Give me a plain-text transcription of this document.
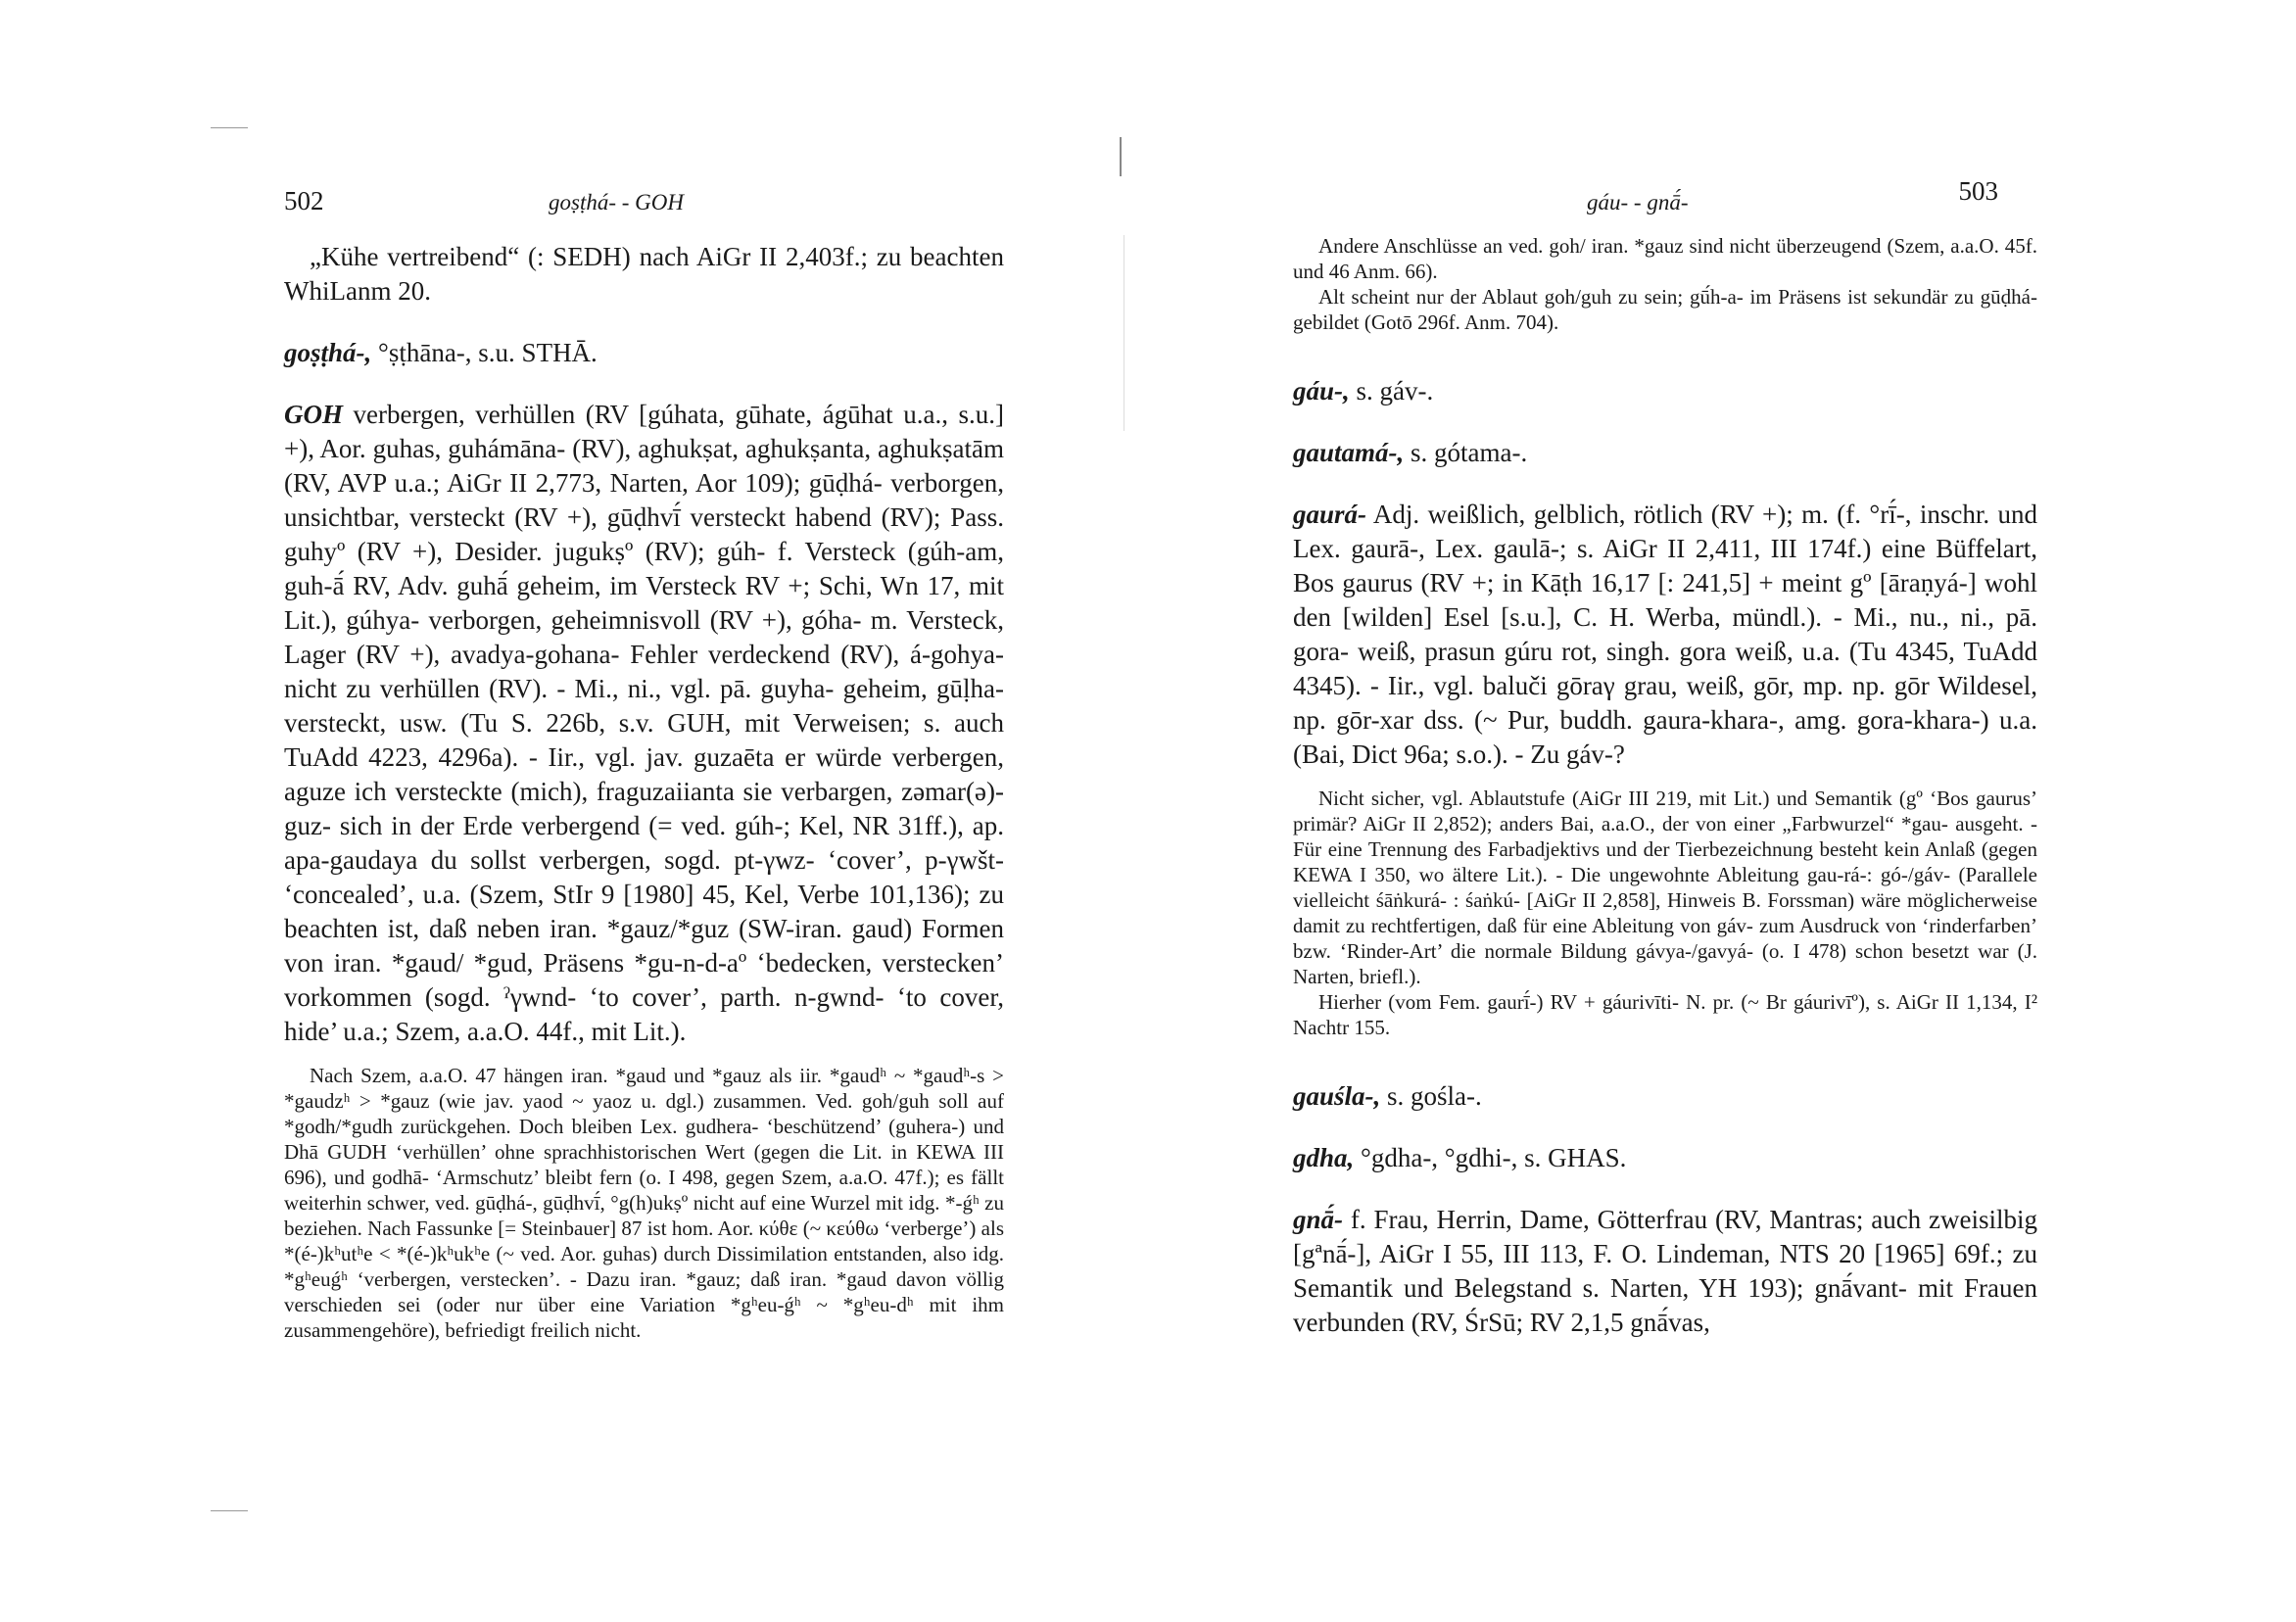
502	goṣṭhá- - GOH

„Kühe vertreibend“ (: SEDH) nach AiGr II 2,403f.; zu beachten WhiLanm 20.

goṣṭhá-, °ṣṭhāna-, s.u. STHĀ.

GOH verbergen, verhüllen (RV [gúhata, gūhate, ágūhat u.a., s.u.] +), Aor. guhas, guhámāna- (RV), aghukṣat, aghukṣanta, aghukṣatām (RV, AVP u.a.; AiGr II 2,773, Narten, Aor 109); gūḍhá- verborgen, unsichtbar, versteckt (RV +), gūḍhvī́ versteckt habend (RV); Pass. guhyº (RV +), Desider. jugukṣº (RV); gúh- f. Versteck (gúh-am, guh-ā́ RV, Adv. guhā́ geheim, im Versteck RV +; Schi, Wn 17, mit Lit.), gúhya- verborgen, geheimnisvoll (RV +), góha- m. Versteck, Lager (RV +), avadya-gohana- Fehler verdeckend (RV), á-gohya- nicht zu verhüllen (RV). - Mi., ni., vgl. pā. guyha- geheim, gūḷha- versteckt, usw. (Tu S. 226b, s.v. GUH, mit Verweisen; s. auch TuAdd 4223, 4296a). - Iir., vgl. jav. guzaēta er würde verbergen, aguze ich versteckte (mich), fraguzaiianta sie verbargen, zəmar(ə)-guz- sich in der Erde verbergend (= ved. gúh-; Kel, NR 31ff.), ap. apa-gaudaya du sollst verbergen, sogd. pt-γwz- ‘cover’, p-γwšt- ‘concealed’, u.a. (Szem, StIr 9 [1980] 45, Kel, Verbe 101,136); zu beachten ist, daß neben iran. *gauz/*guz (SW-iran. gaud) Formen von iran. *gaud/ *gud, Präsens *gu-n-d-aº ‘bedecken, verstecken’ vorkommen (sogd. ˀγwnd- ‘to cover’, parth. n-gwnd- ‘to cover, hide’ u.a.; Szem, a.a.O. 44f., mit Lit.).

Nach Szem, a.a.O. 47 hängen iran. *gaud und *gauz als iir. *gaudʰ ~ *gaudʰ-s > *gaudzʰ > *gauz (wie jav. yaod ~ yaoz u. dgl.) zusammen. Ved. goh/guh soll auf *godh/*gudh zurückgehen. Doch bleiben Lex. gudhera- ‘beschützend’ (guhera-) und Dhā GUDH ‘verhüllen’ ohne sprachhistorischen Wert (gegen die Lit. in KEWA III 696), und godhā- ‘Armschutz’ bleibt fern (o. I 498, gegen Szem, a.a.O. 47f.); es fällt weiterhin schwer, ved. gūḍhá-, gūḍhvī́, °g(h)ukṣº nicht auf eine Wurzel mit idg. *-ǵʰ zu beziehen. Nach Fassunke [= Steinbauer] 87 ist hom. Aor. κύθε (~ κεύθω ‘verberge’) als *(é-)kʰutʰe < *(é-)kʰukʰe (~ ved. Aor. guhas) durch Dissimilation entstanden, also idg. *gʰeuǵʰ ‘verbergen, verstecken’. - Dazu iran. *gauz; daß iran. *gaud davon völlig verschieden sei (oder nur über eine Variation *gʰeu-ǵʰ ~ *gʰeu-dʰ mit ihm zusammengehöre), befriedigt freilich nicht.

gáu- - gnā́-	503

Andere Anschlüsse an ved. goh/ iran. *gauz sind nicht überzeugend (Szem, a.a.O. 45f. und 46 Anm. 66).

Alt scheint nur der Ablaut goh/guh zu sein; gū́h-a- im Präsens ist sekundär zu gūḍhá- gebildet (Gotō 296f. Anm. 704).

gáu-, s. gáv-.

gautamá-, s. gótama-.

gaurá- Adj. weißlich, gelblich, rötlich (RV +); m. (f. °rī́-, inschr. und Lex. gaurā-, Lex. gaulā-; s. AiGr II 2,411, III 174f.) eine Büffelart, Bos gaurus (RV +; in Kāṭh 16,17 [: 241,5] + meint gº [āraṇyá-] wohl den [wilden] Esel [s.u.], C. H. Werba, mündl.). - Mi., nu., ni., pā. gora- weiß, prasun gúru rot, singh. gora weiß, u.a. (Tu 4345, TuAdd 4345). - Iir., vgl. baluči gōraγ grau, weiß, gōr, mp. np. gōr Wildesel, np. gōr-xar dss. (~ Pur, buddh. gaura-khara-, amg. gora-khara-) u.a. (Bai, Dict 96a; s.o.). - Zu gáv-?

Nicht sicher, vgl. Ablautstufe (AiGr III 219, mit Lit.) und Semantik (gº ‘Bos gaurus’ primär? AiGr II 2,852); anders Bai, a.a.O., der von einer „Farbwurzel“ *gau- ausgeht. - Für eine Trennung des Farbadjektivs und der Tierbezeichnung besteht kein Anlaß (gegen KEWA I 350, wo ältere Lit.). - Die ungewohnte Ableitung gau-rá-: gó-/gáv- (Parallele vielleicht śāṅkurá- : śaṅkú- [AiGr II 2,858], Hinweis B. Forssman) wäre möglicherweise damit zu rechtfertigen, daß für eine Ableitung von gáv- zum Ausdruck von ‘rinderfarben’ bzw. ‘Rinder-Art’ die normale Bildung gávya-/gavyá- (o. I 478) schon besetzt war (J. Narten, briefl.).

Hierher (vom Fem. gaurī́-) RV + gáurivīti- N. pr. (~ Br gáurivīº), s. AiGr II 1,134, I² Nachtr 155.

gauśla-, s. gośla-.

gdha, °gdha-, °gdhi-, s. GHAS.

gnā́- f. Frau, Herrin, Dame, Götterfrau (RV, Mantras; auch zweisilbig [gªnā́-], AiGr I 55, III 113, F. O. Lindeman, NTS 20 [1965] 69f.; zu Semantik und Belegstand s. Narten, YH 193); gnā́vant- mit Frauen verbunden (RV, ŚrSū; RV 2,1,5 gnā́vas,
